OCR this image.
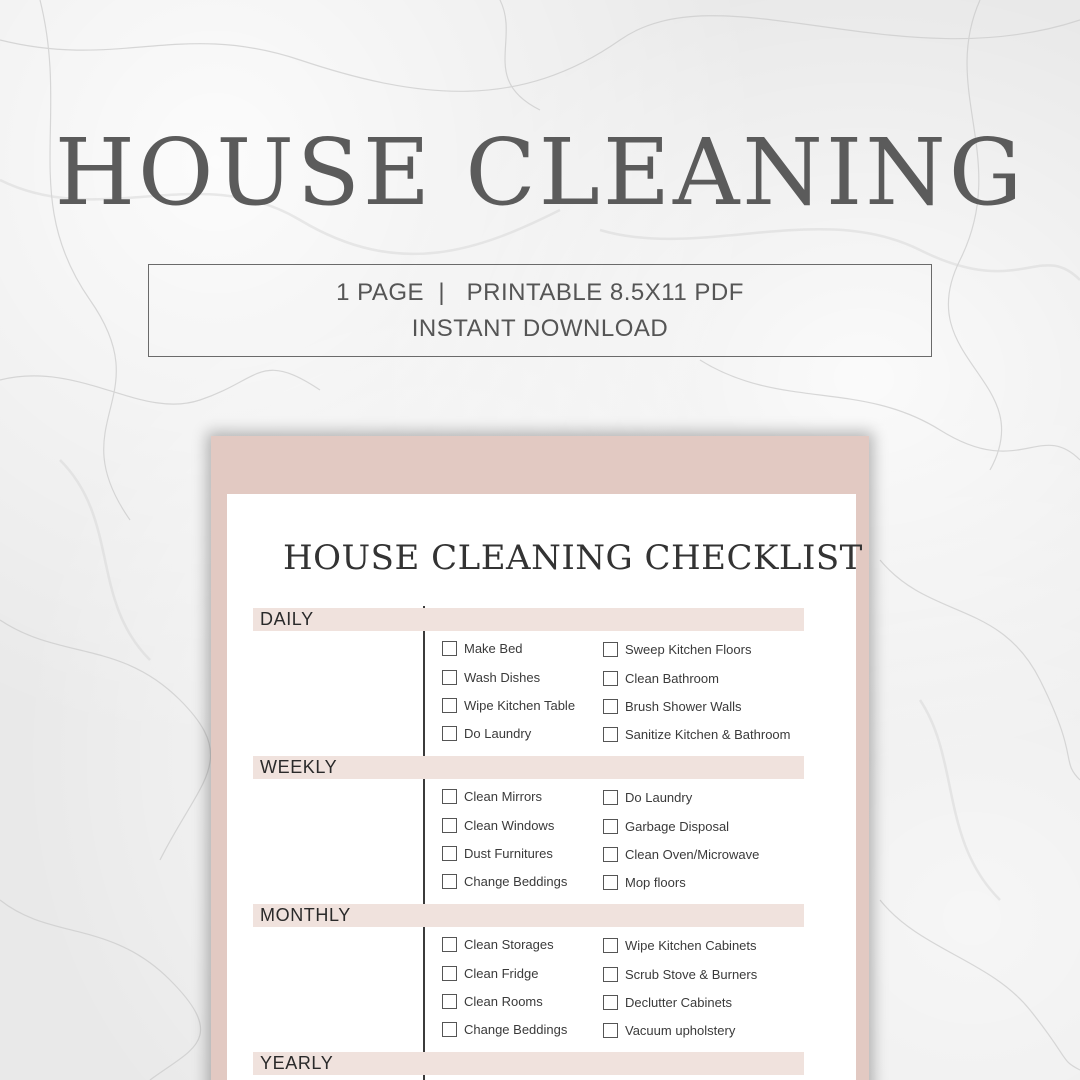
HOUSE CLEANING
1 PAGE  |   PRINTABLE 8.5X11 PDF
INSTANT DOWNLOAD
HOUSE CLEANING CHECKLIST
DAILY
Make Bed
Wash Dishes
Wipe Kitchen Table
Do Laundry
Sweep Kitchen Floors
Clean Bathroom
Brush Shower Walls
Sanitize Kitchen & Bathroom
WEEKLY
Clean Mirrors
Clean Windows
Dust Furnitures
Change Beddings
Do Laundry
Garbage Disposal
Clean Oven/Microwave
Mop floors
MONTHLY
Clean Storages
Clean Fridge
Clean Rooms
Change Beddings
Wipe Kitchen Cabinets
Scrub Stove & Burners
Declutter Cabinets
Vacuum upholstery
YEARLY
